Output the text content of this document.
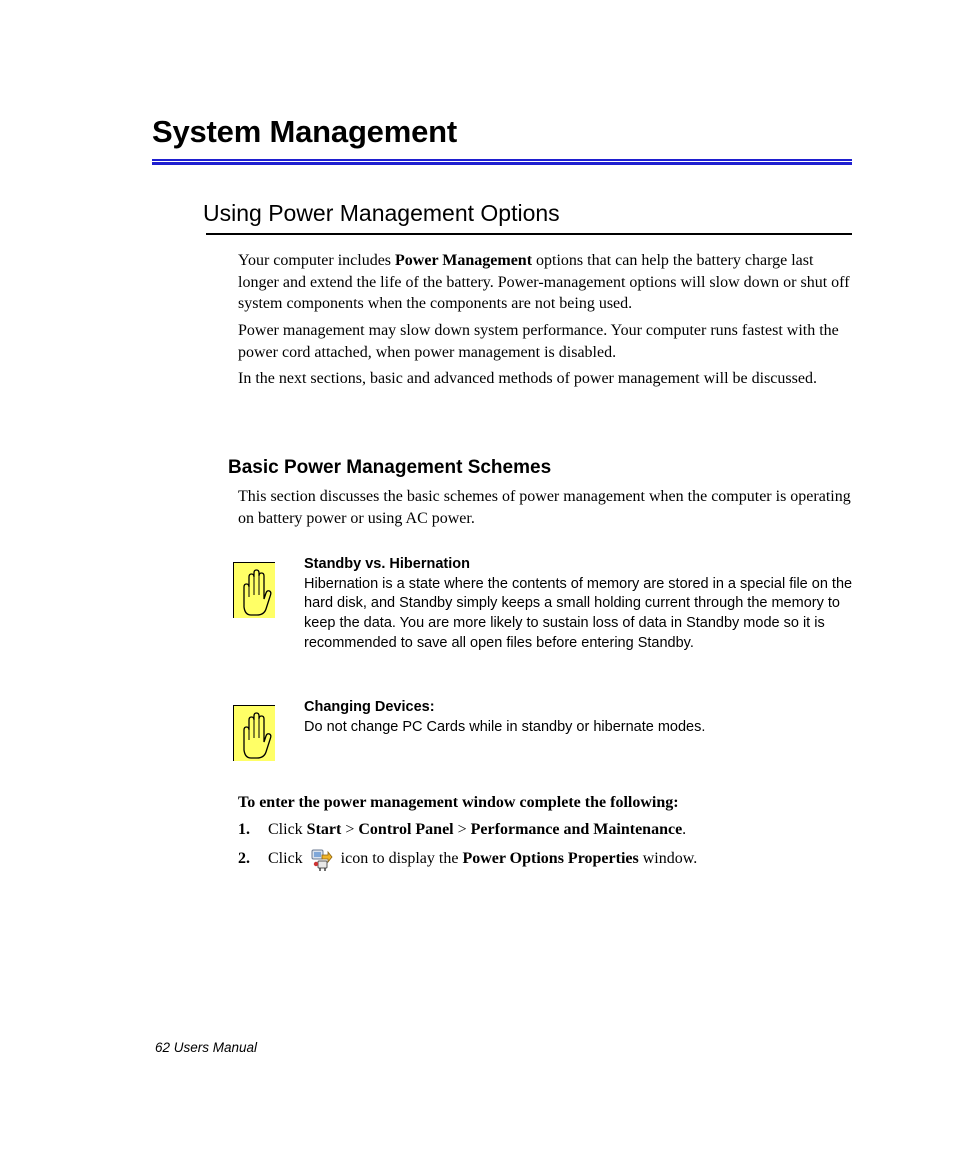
System Management
Using Power Management Options

Your computer includes Power Management options that can help the battery charge last longer and extend the life of the battery. Power-management options will slow down or shut off system components when the components are not being used.

Power management may slow down system performance. Your computer runs fastest with the power cord attached, when power management is disabled.

In the next sections, basic and advanced methods of power management will be discussed.

Basic Power Management Schemes

This section discusses the basic schemes of power management when the computer is operating on battery power or using AC power.

Standby vs. Hibernation
Hibernation is a state where the contents of memory are stored in a special file on the hard disk, and Standby simply keeps a small holding current through the memory to keep the data. You are more likely to sustain loss of data in Standby mode so it is recommended to save all open files before entering Standby.
Changing Devices:
Do not change PC Cards while in standby or hibernate modes.
To enter the power management window complete the following:
1. Click Start > Control Panel > Performance and Maintenance.
2. Click  icon to display the Power Options Properties window.
62 Users Manual
